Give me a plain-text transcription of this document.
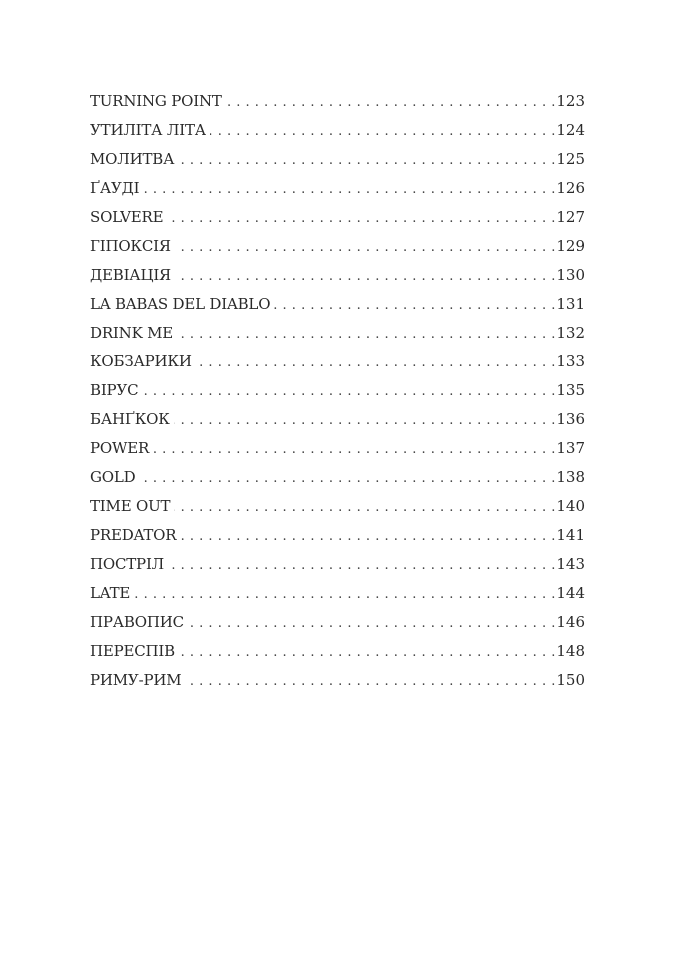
TURNING POINT . . .	123
УТИЛІТА ЛІТА . . .	124
МОЛИТВА . . .	125
ҐАУДІ . . .	126
SOLVERE . . .	127
ГІПОКСІЯ . . .	129
ДЕВІАЦІЯ . . .	130
LA BABAS DEL DIABLO . . .	131
DRINK ME . . .	132
КОБЗАРИКИ . . .	133
ВІРУС . . .	135
БАНҐКОК . . .	136
POWER . . .	137
GOLD . . .	138
TIME OUT . . .	140
PREDATOR . . .	141
ПОСТРІЛ . . .	143
LATE . . .	144
ПРАВОПИС . . .	146
ПЕРЕСПІВ . . .	148
РИМУ-РИМ . . .	150
